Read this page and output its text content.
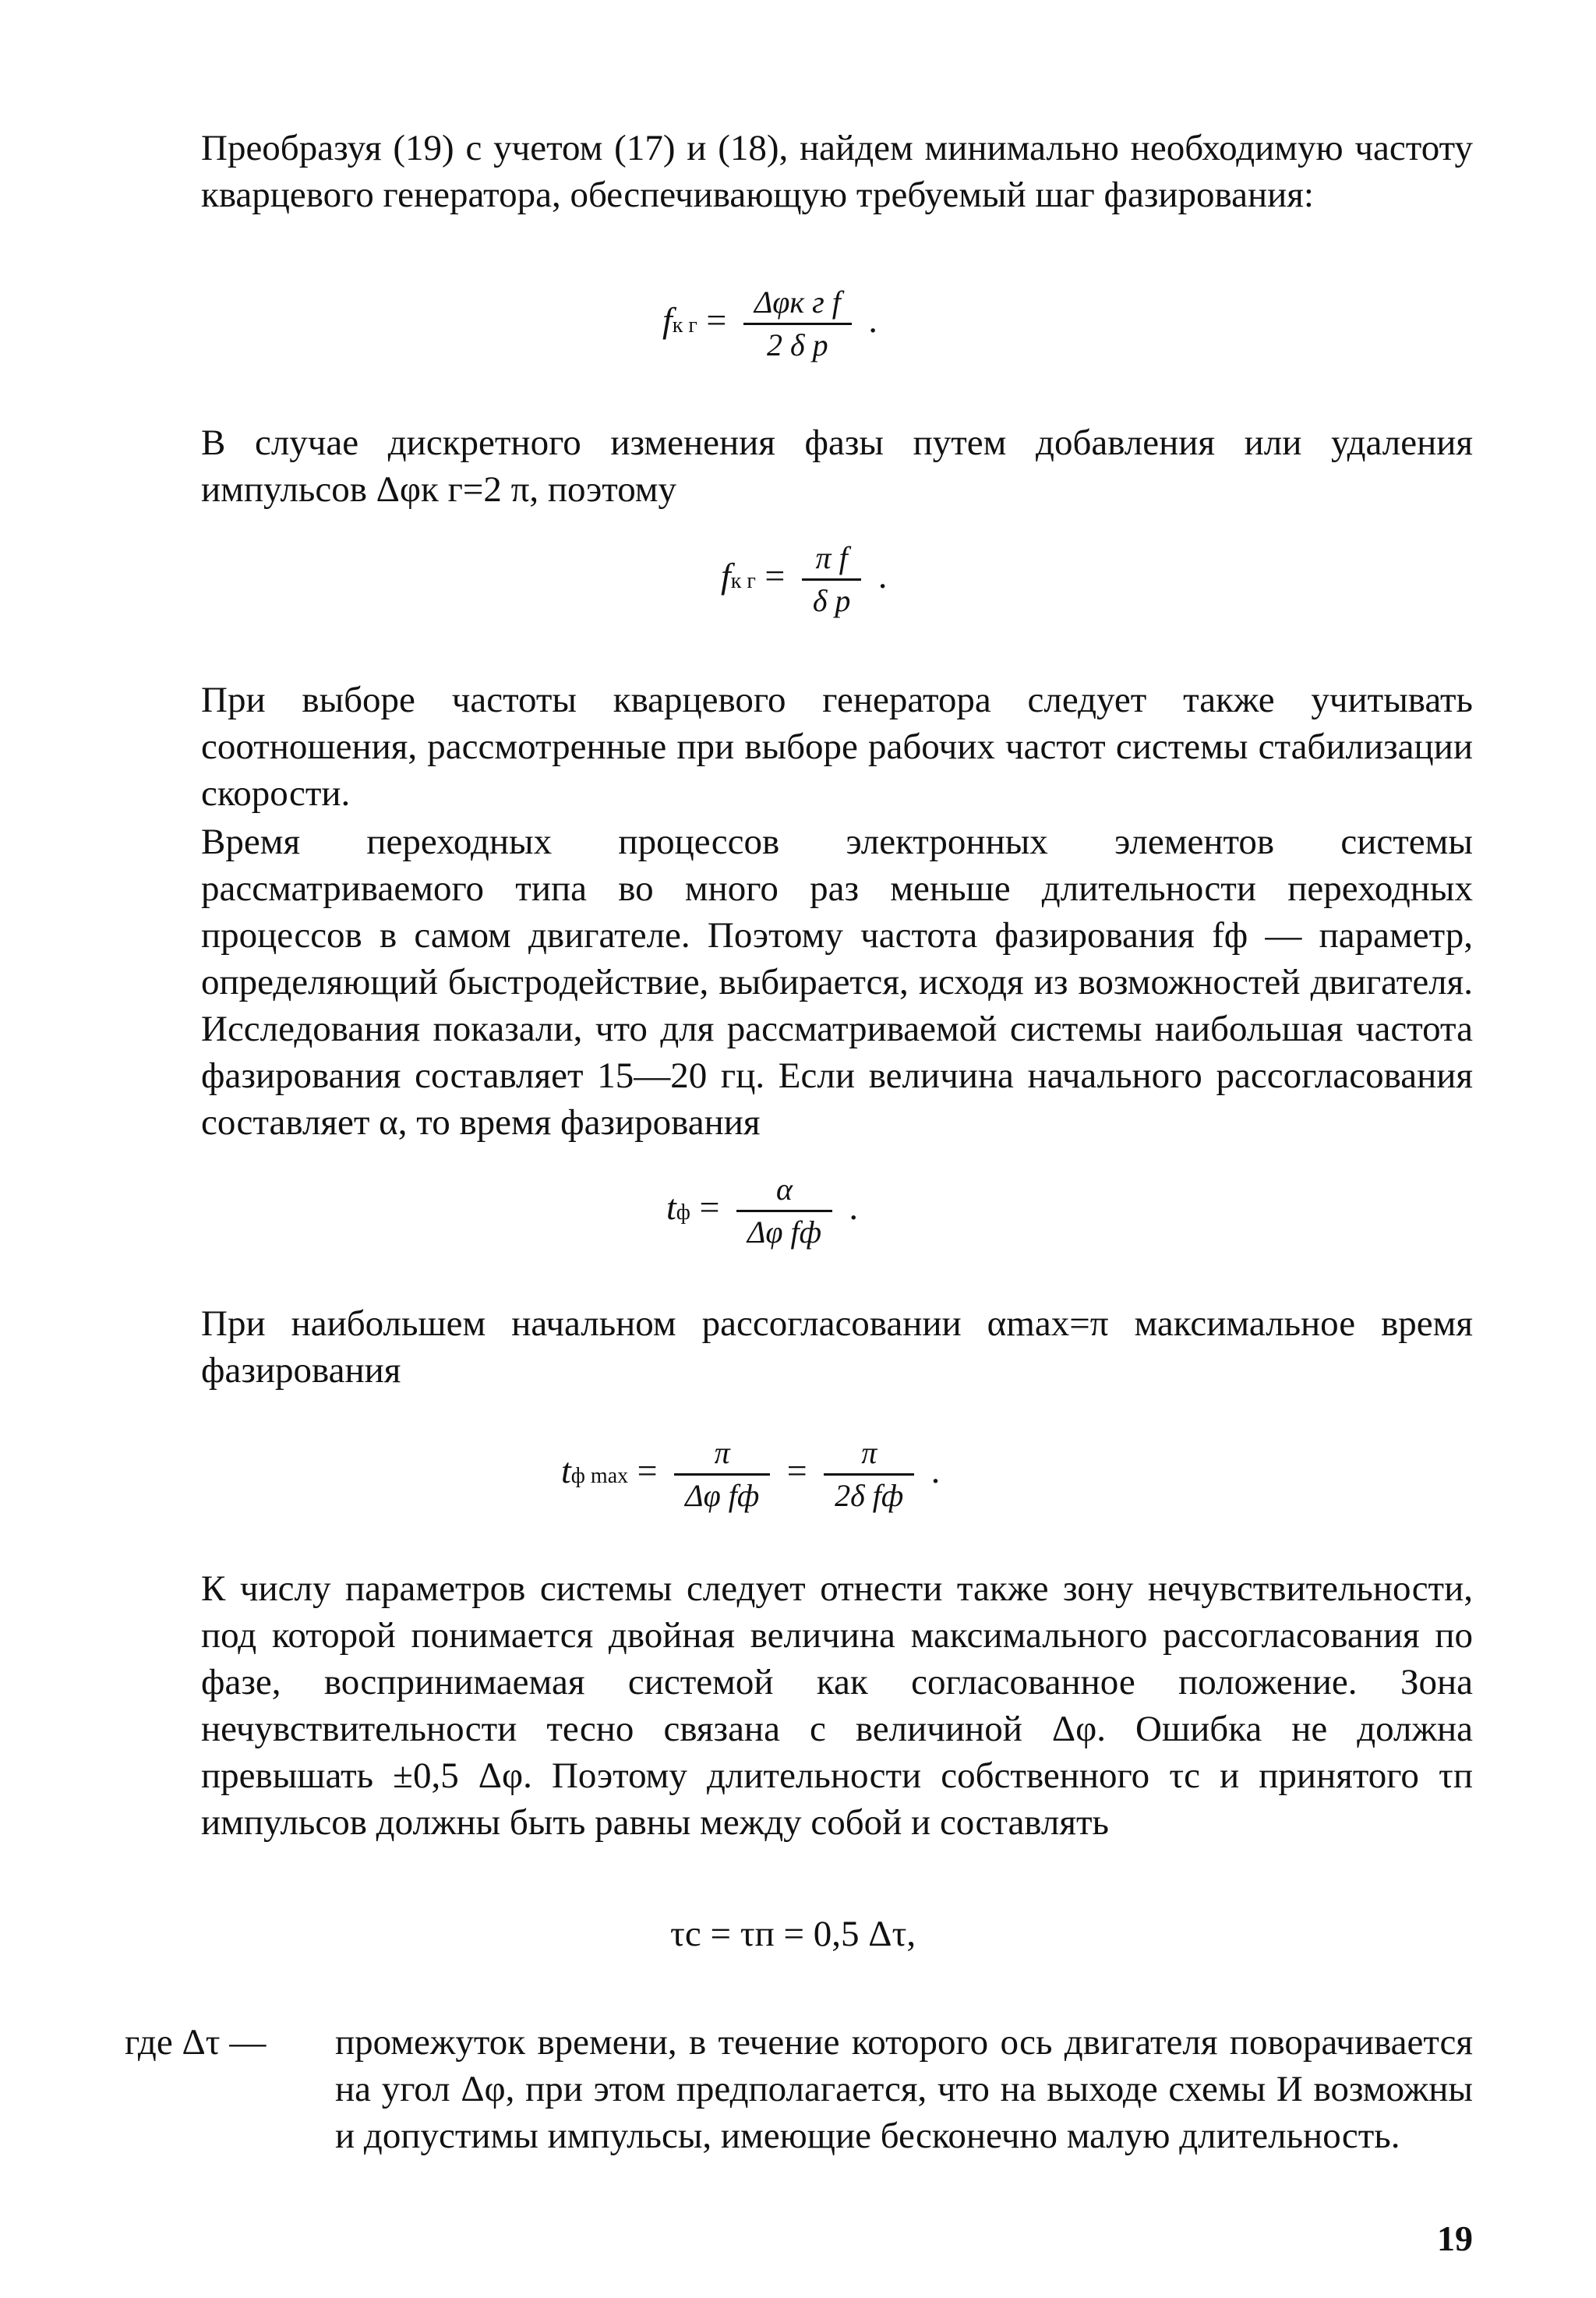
Преобразуя (19) с учетом (17) и (18), найдем минимально необходимую частоту кварцевого генератора, обеспечивающую требуемый шаг фазирования:

fк $г = \frac{\text{Δφк г f}}{\text{2 δ p}}$ .

В случае дискретного изменения фазы путем добавления или удаления импульсов Δφк г=2 π, поэтому

fк $г = \frac{\text{π f}}{\text{δ p}}$ .

При выборе частоты кварцевого генератора следует также учитывать соотношения, рассмотренные при выборе рабочих частот системы стабилизации скорости.

Время переходных процессов электронных элементов системы рассматриваемого типа во много раз меньше длительности переходных процессов в самом двигателе. Поэтому частота фазирования fф — параметр, определяющий быстродействие, выбирается, исходя из возможностей двигателя. Исследования показали, что для рассматриваемой системы наибольшая частота фазирования составляет 15—20 гц. Если величина начального рассогласования составляет α, то время фазирования

tф = $\frac{\alpha}{\text{Δφ fф}}$ .

При наибольшем начальном рассогласовании αmax=π максимальное время фазирования

tф $\max = \frac{\pi}{\text{Δφ fф}} = \frac{\pi}{\text{2δ fф}}$ .

К числу параметров системы следует отнести также зону нечувствительности, под которой понимается двойная величина максимального рассогласования по фазе, воспринимаемая системой как согласованное положение. Зона нечувствительности тесно связана с величиной Δφ. Ошибка не должна превышать ±0,5 Δφ. Поэтому длительности собственного τс и принятого τп импульсов должны быть равны между собой и составлять

τс = τп = 0,5 Δτ,
где Δτ — промежуток времени, в течение которого ось двигателя поворачивается на угол Δφ, при этом предполагается, что на выходе схемы И возможны и допустимы импульсы, имеющие бесконечно малую длительность.
19
